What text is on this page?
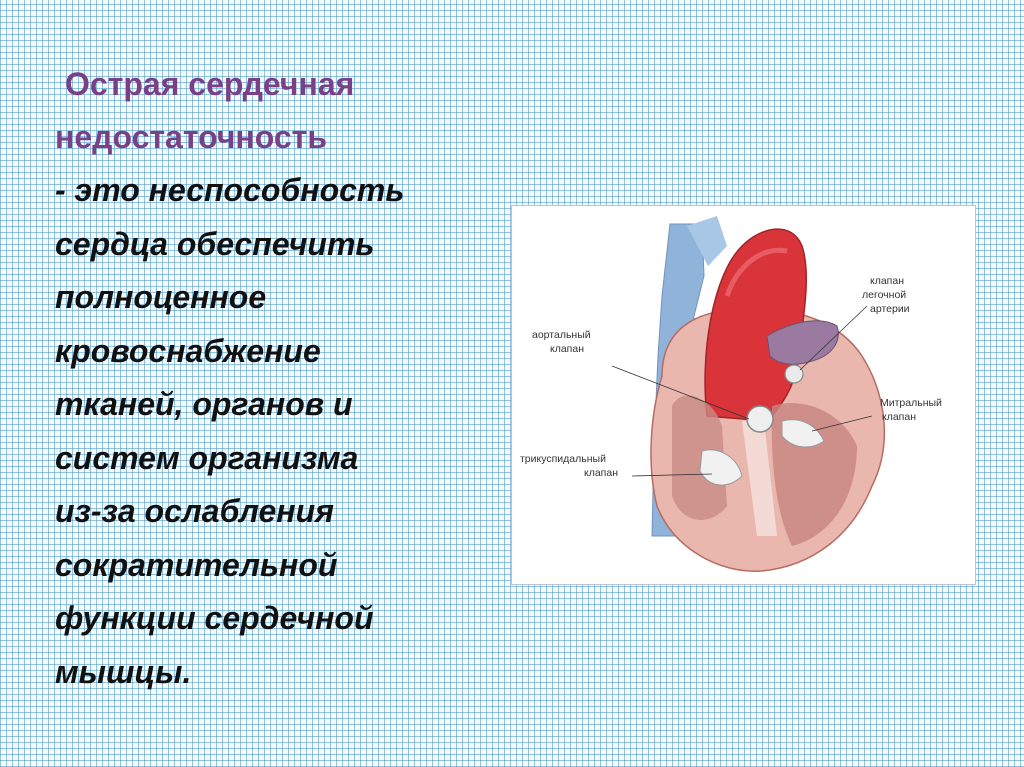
Острая сердечная
недостаточность

- это неспособность
сердца обеспечить
полноценное
кровоснабжение
тканей, органов и
систем организма
из-за ослабления
сократительной
функции сердечной
мышцы.

аортальный
клапан
клапан
легочной
артерии
Митральный
клапан
трикуспидальный
клапан
